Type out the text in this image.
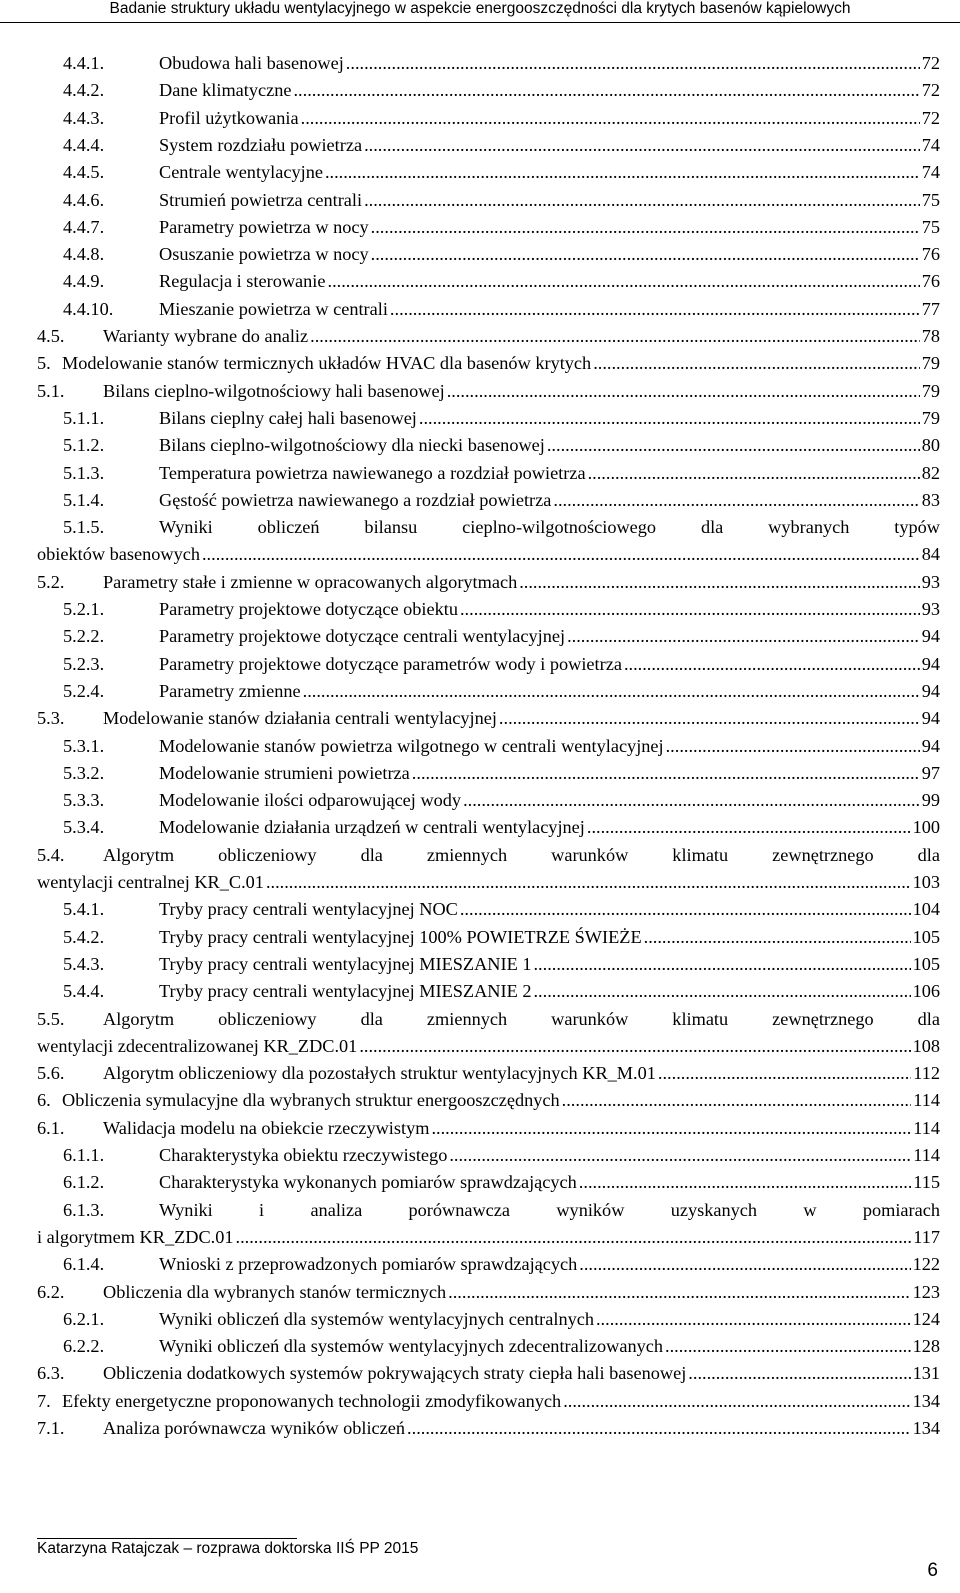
Badanie struktury układu wentylacyjnego w aspekcie energooszczędności dla krytych basenów kąpielowych
4.4.1.	Obudowa hali basenowej .....	72
4.4.2.	Dane klimatyczne .....	72
4.4.3.	Profil użytkowania .....	72
4.4.4.	System rozdziału powietrza .....	74
4.4.5.	Centrale wentylacyjne .....	74
4.4.6.	Strumień powietrza centrali .....	75
4.4.7.	Parametry powietrza w nocy .....	75
4.4.8.	Osuszanie powietrza w nocy .....	76
4.4.9.	Regulacja i sterowanie .....	76
4.4.10.	Mieszanie powietrza w centrali .....	77
4.5.	Warianty wybrane do analiz .....	78
5. Modelowanie stanów termicznych układów HVAC dla basenów krytych .....	79
5.1.	Bilans cieplno-wilgotnościowy hali basenowej .....	79
5.1.1.	Bilans cieplny całej hali basenowej .....	79
5.1.2.	Bilans cieplno-wilgotnościowy dla niecki basenowej .....	80
5.1.3.	Temperatura powietrza nawiewanego a rozdział powietrza .....	82
5.1.4.	Gęstość powietrza nawiewanego a rozdział powietrza .....	83
5.1.5.	Wyniki obliczeń bilansu cieplno-wilgotnościowego dla wybranych typów
obiektów basenowych .....	84
5.2.	Parametry stałe i zmienne w opracowanych algorytmach .....	93
5.2.1.	Parametry projektowe dotyczące obiektu .....	93
5.2.2.	Parametry projektowe dotyczące centrali wentylacyjnej .....	94
5.2.3.	Parametry projektowe dotyczące parametrów wody i powietrza .....	94
5.2.4.	Parametry zmienne .....	94
5.3.	Modelowanie stanów działania centrali wentylacyjnej .....	94
5.3.1.	Modelowanie stanów powietrza wilgotnego w centrali wentylacyjnej .....	94
5.3.2.	Modelowanie strumieni powietrza .....	97
5.3.3.	Modelowanie ilości odparowującej wody .....	99
5.3.4.	Modelowanie działania urządzeń w centrali wentylacyjnej .....	100
5.4. Algorytm obliczeniowy dla zmiennych warunków klimatu zewnętrznego dla
wentylacji centralnej KR_C.01 .....	103
5.4.1.	Tryby pracy centrali wentylacyjnej NOC .....	104
5.4.2.	Tryby pracy centrali wentylacyjnej 100% POWIETRZE ŚWIEŻE .....	105
5.4.3.	Tryby pracy centrali wentylacyjnej MIESZANIE 1 .....	105
5.4.4.	Tryby pracy centrali wentylacyjnej MIESZANIE 2 .....	106
5.5. Algorytm obliczeniowy dla zmiennych warunków klimatu zewnętrznego dla
wentylacji zdecentralizowanej KR_ZDC.01 .....	108
5.6.	Algorytm obliczeniowy dla pozostałych struktur wentylacyjnych KR_M.01 .....	112
6. Obliczenia symulacyjne dla wybranych struktur energooszczędnych .....	114
6.1.	Walidacja modelu na obiekcie rzeczywistym .....	114
6.1.1.	Charakterystyka obiektu rzeczywistego .....	114
6.1.2.	Charakterystyka wykonanych pomiarów sprawdzających .....	115
6.1.3.	Wyniki i analiza porównawcza wyników uzyskanych w pomiarach
i algorytmem KR_ZDC.01 .....	117
6.1.4.	Wnioski z przeprowadzonych pomiarów sprawdzających .....	122
6.2.	Obliczenia dla wybranych stanów termicznych .....	123
6.2.1.	Wyniki obliczeń dla systemów wentylacyjnych centralnych .....	124
6.2.2.	Wyniki obliczeń dla systemów wentylacyjnych zdecentralizowanych .....	128
6.3.	Obliczenia dodatkowych systemów pokrywających straty ciepła hali basenowej .....	131
7. Efekty energetyczne proponowanych technologii zmodyfikowanych .....	134
7.1.	Analiza porównawcza wyników obliczeń .....	134
Katarzyna Ratajczak – rozprawa doktorska IIŚ PP 2015
6
